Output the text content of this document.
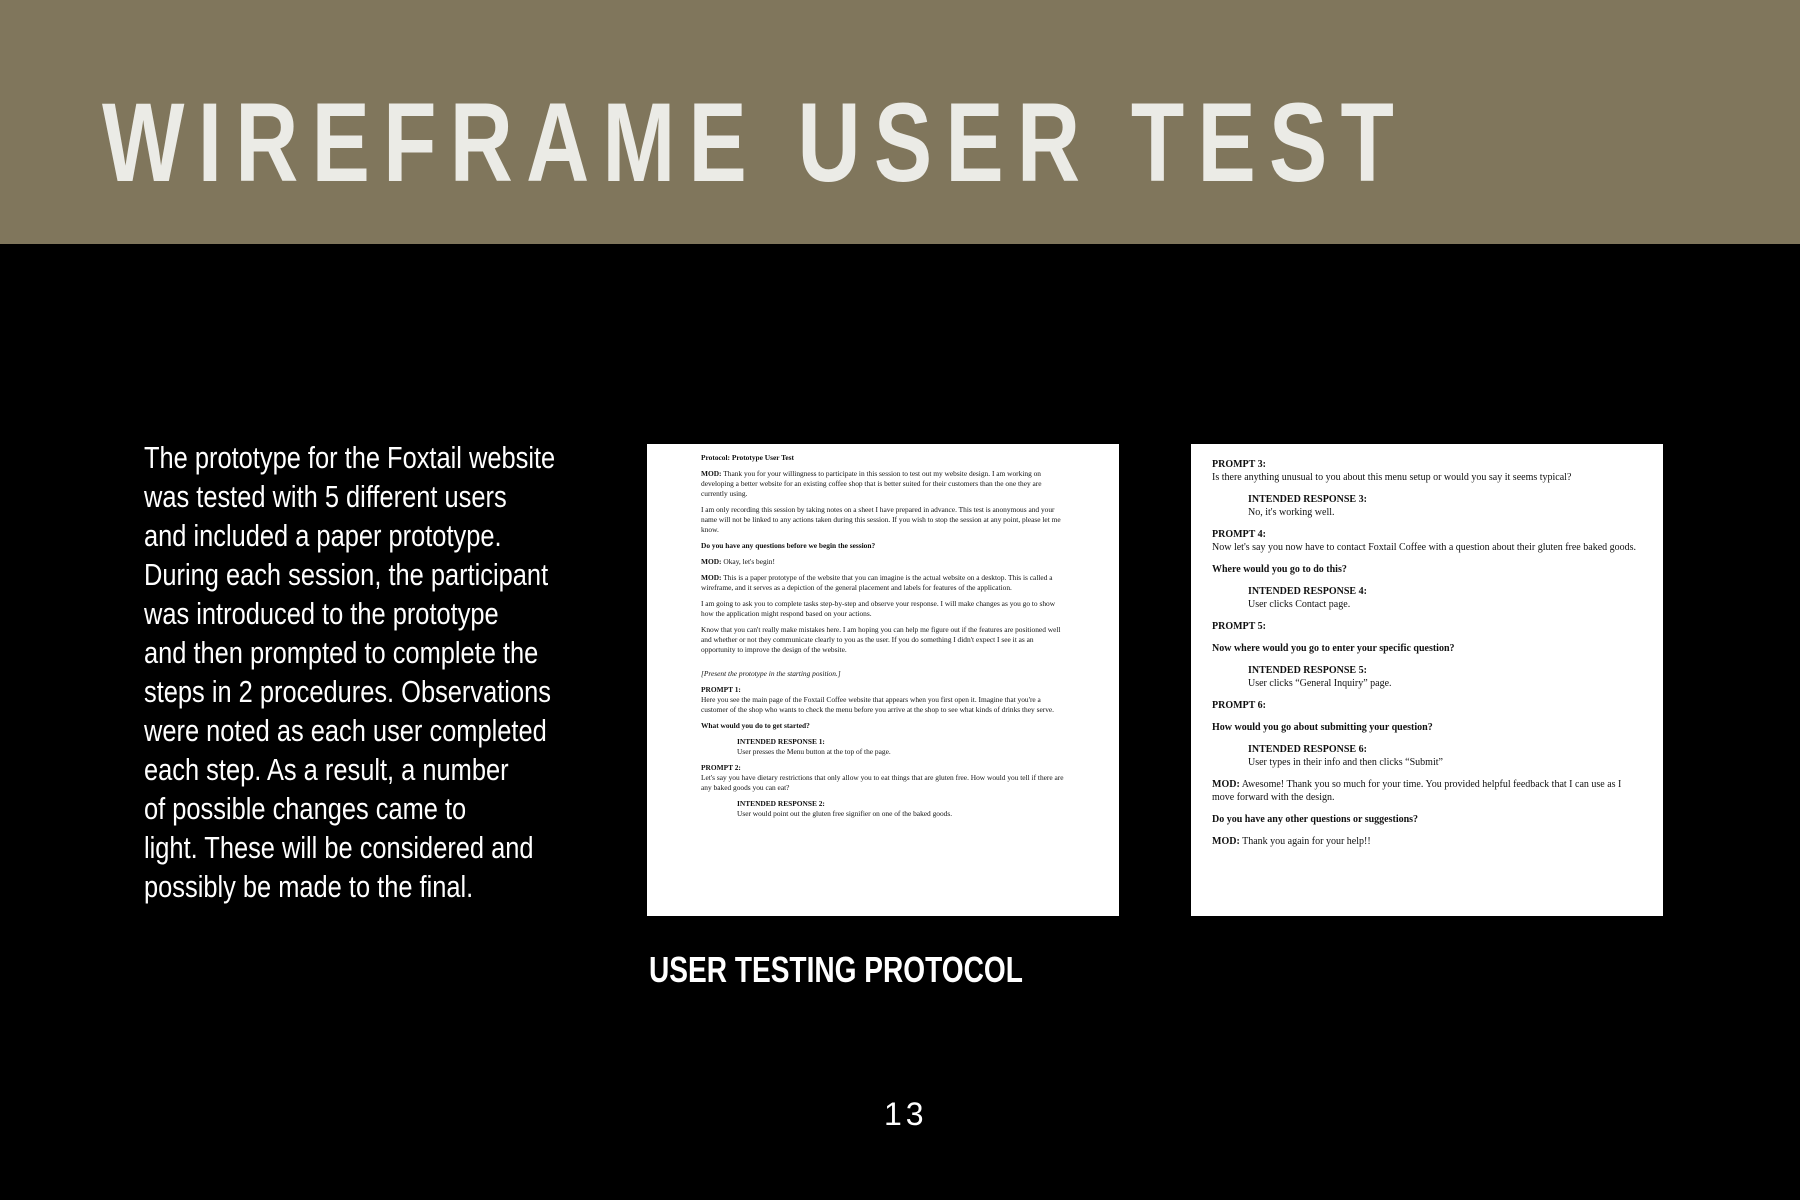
WIREFRAME USER TEST
The prototype for the Foxtail website
was tested with 5 different users
and included a paper prototype.
During each session, the participant
was introduced to the prototype
and then prompted to complete the
steps in 2 procedures. Observations
were noted as each user completed
each step. As a result, a number
of possible changes came to
light. These will be considered and
possibly be made to the final.

Protocol: Prototype User Test

MOD: Thank you for your willingness to participate in this session to test out my website design. I am working on developing a better website for an existing coffee shop that is better suited for their customers than the one they are currently using.

I am only recording this session by taking notes on a sheet I have prepared in advance. This test is anonymous and your name will not be linked to any actions taken during this session. If you wish to stop the session at any point, please let me know.

Do you have any questions before we begin the session?

MOD: Okay, let's begin!

MOD: This is a paper prototype of the website that you can imagine is the actual website on a desktop. This is called a wireframe, and it serves as a depiction of the general placement and labels for features of the application.

I am going to ask you to complete tasks step-by-step and observe your response. I will make changes as you go to show how the application might respond based on your actions.

Know that you can't really make mistakes here. I am hoping you can help me figure out if the features are positioned well and whether or not they communicate clearly to you as the user. If you do something I didn't expect I see it as an opportunity to improve the design of the website.

[Present the prototype in the starting position.]

PROMPT 1:
Here you see the main page of the Foxtail Coffee website that appears when you first open it. Imagine that you're a customer of the shop who wants to check the menu before you arrive at the shop to see what kinds of drinks they serve.

What would you do to get started?

INTENDED RESPONSE 1:
User presses the Menu button at the top of the page.

PROMPT 2:
Let's say you have dietary restrictions that only allow you to eat things that are gluten free. How would you tell if there are any baked goods you can eat?

INTENDED RESPONSE 2:
User would point out the gluten free signifier on one of the baked goods.

PROMPT 3:
Is there anything unusual to you about this menu setup or would you say it seems typical?

INTENDED RESPONSE 3:
No, it's working well.

PROMPT 4:
Now let's say you now have to contact Foxtail Coffee with a question about their gluten free baked goods.

Where would you go to do this?

INTENDED RESPONSE 4:
User clicks Contact page.

PROMPT 5:

Now where would you go to enter your specific question?

INTENDED RESPONSE 5:
User clicks “General Inquiry” page.

PROMPT 6:

How would you go about submitting your question?

INTENDED RESPONSE 6:
User types in their info and then clicks “Submit”

MOD: Awesome! Thank you so much for your time. You provided helpful feedback that I can use as I move forward with the design.

Do you have any other questions or suggestions?

MOD: Thank you again for your help!!

USER TESTING PROTOCOL
13
